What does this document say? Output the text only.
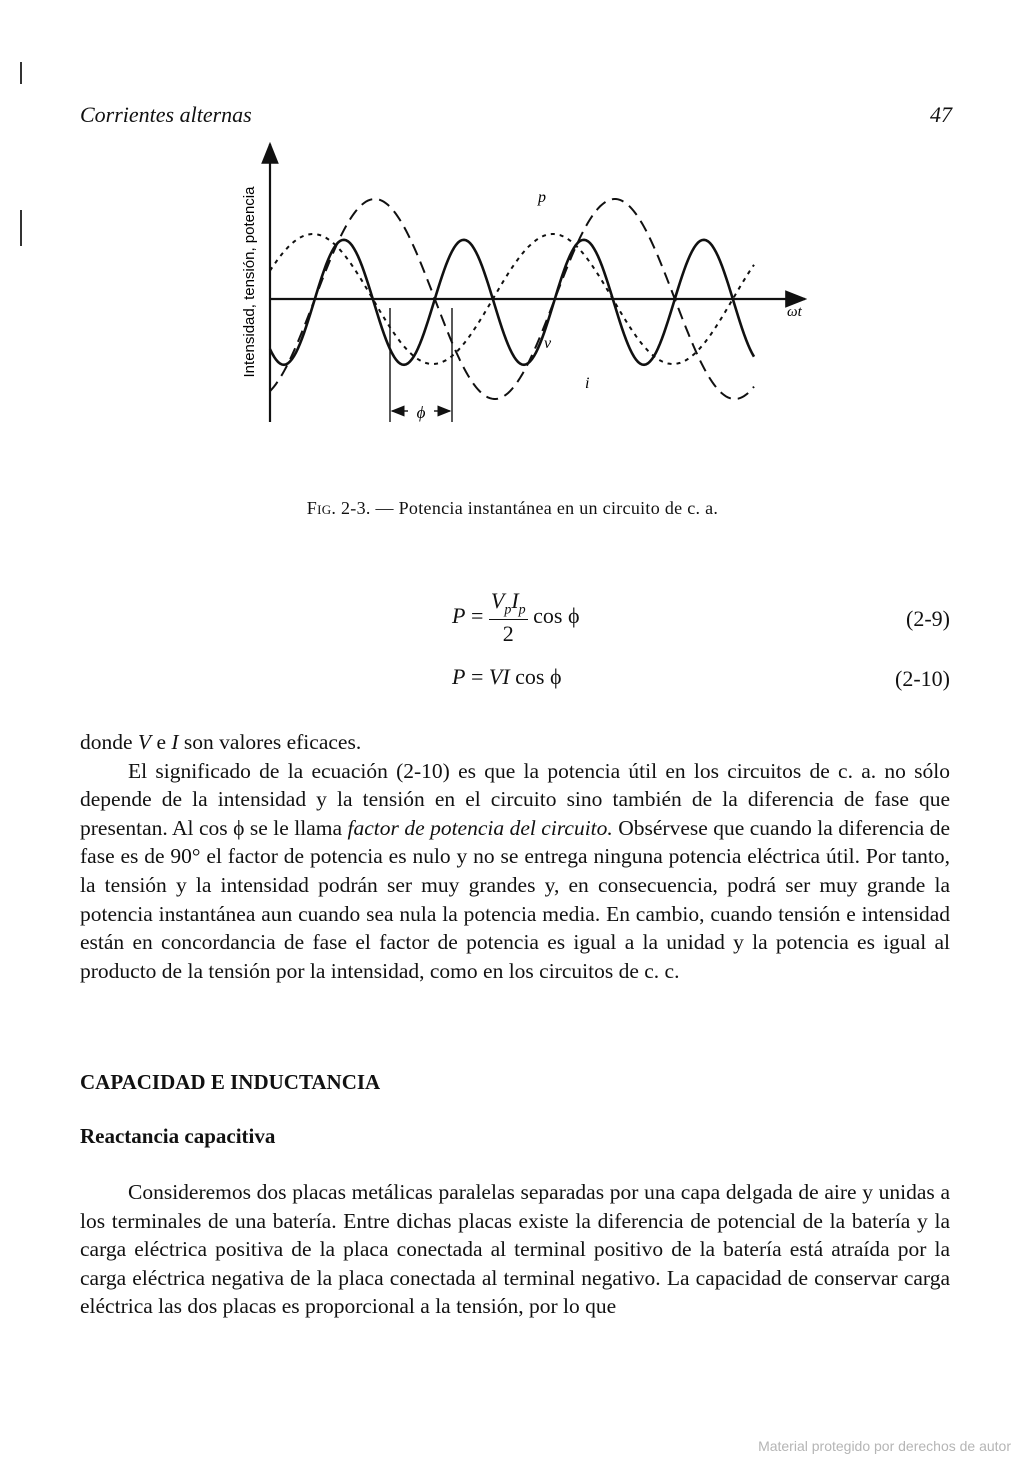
Corrientes alternas	47
ϕ
p
v
i
ωt
Intensidad, tensión, potencia
Fig. 2-3. — Potencia instantánea en un circuito de c. a.
$P = \frac{V_pI_p}{2}$ cos ϕ	(2-9)
P = VI cos ϕ	(2-10)

donde V e I son valores eficaces.

El significado de la ecuación (2-10) es que la potencia útil en los circuitos de c. a. no sólo depende de la intensidad y la tensión en el circuito sino también de la diferencia de fase que presentan. Al cos ϕ se le llama factor de potencia del circuito. Obsérvese que cuando la diferencia de fase es de 90° el factor de potencia es nulo y no se entrega ninguna potencia eléctrica útil. Por tanto, la tensión y la intensidad podrán ser muy grandes y, en consecuencia, podrá ser muy grande la potencia instantánea aun cuando sea nula la potencia media. En cambio, cuando tensión e intensidad están en concordancia de fase el factor de potencia es igual a la unidad y la potencia es igual al producto de la tensión por la intensidad, como en los circuitos de c. c.

CAPACIDAD E INDUCTANCIA
Reactancia capacitiva

Consideremos dos placas metálicas paralelas separadas por una capa delgada de aire y unidas a los terminales de una batería. Entre dichas placas existe la diferencia de potencial de la batería y la carga eléctrica positiva de la placa conectada al terminal positivo de la batería está atraída por la carga eléctrica negativa de la placa conectada al terminal negativo. La capacidad de conservar carga eléctrica las dos placas es proporcional a la tensión, por lo que

Material protegido por derechos de autor
